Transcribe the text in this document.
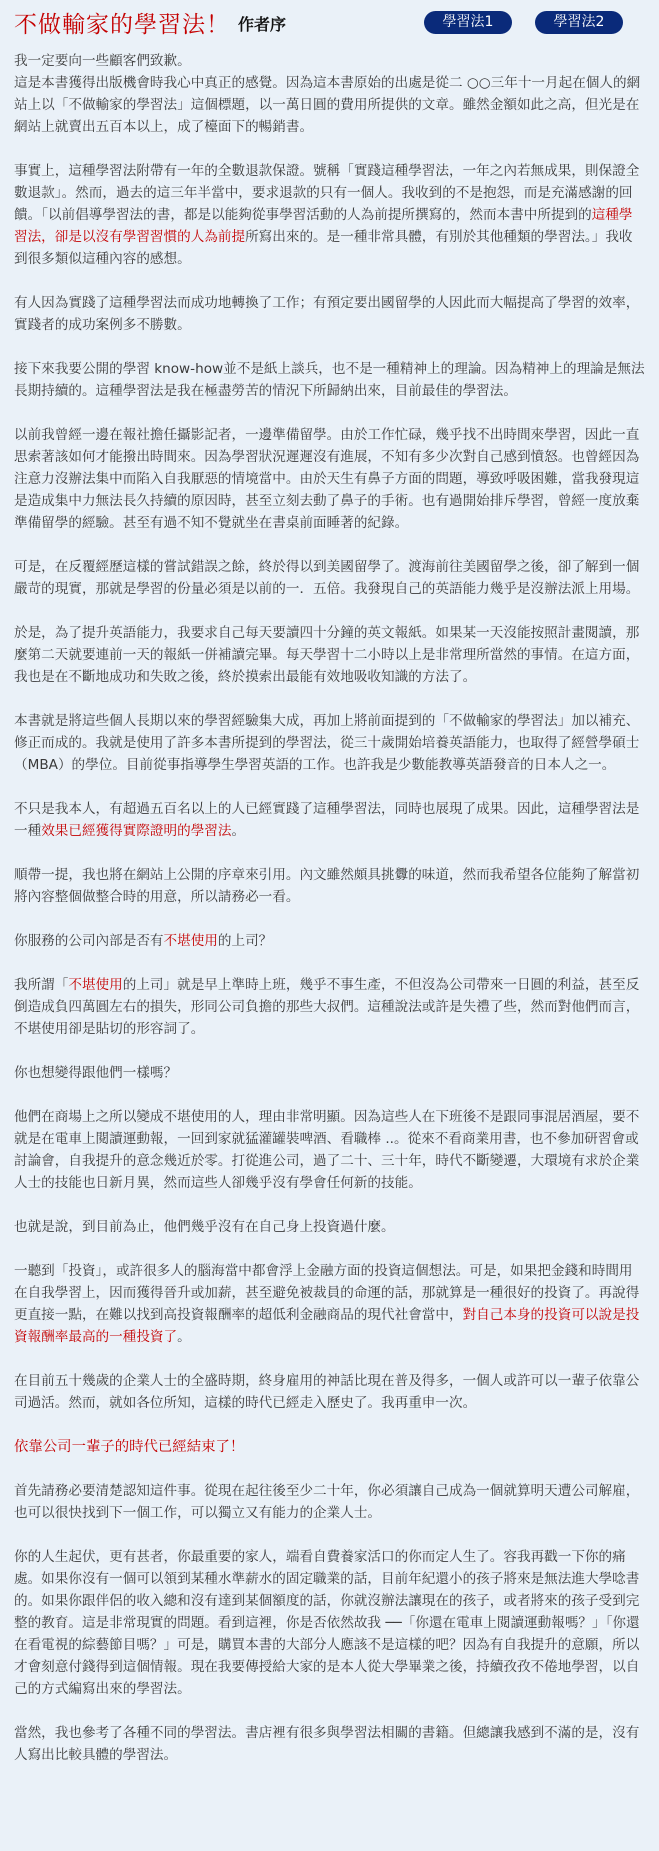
不做輸家的學習法！ 作者序	學習法1	學習法2

我一定要向一些顧客們致歉。
這是本書獲得出版機會時我心中真正的感覺。因為這本書原始的出處是從二 ○○三年十一月起在個人的網站上以「不做輸家的學習法」這個標題，以一萬日圓的費用所提供的文章。雖然金額如此之高，但光是在網站上就賣出五百本以上，成了檯面下的暢銷書。

事實上，這種學習法附帶有一年的全數退款保證。號稱「實踐這種學習法，一年之內若無成果，則保證全數退款」。然而，過去的這三年半當中，要求退款的只有一個人。我收到的不是抱怨，而是充滿感謝的回饋。「以前倡導學習法的書，都是以能夠從事學習活動的人為前提所撰寫的，然而本書中所提到的這種學習法，卻是以沒有學習習慣的人為前提所寫出來的。是一種非常具體，有別於其他種類的學習法。」我收到很多類似這種內容的感想。

有人因為實踐了這種學習法而成功地轉換了工作；有預定要出國留學的人因此而大幅提高了學習的效率，實踐者的成功案例多不勝數。

接下來我要公開的學習 know-how並不是紙上談兵，也不是一種精神上的理論。因為精神上的理論是無法長期持續的。這種學習法是我在極盡勞苦的情況下所歸納出來，目前最佳的學習法。

以前我曾經一邊在報社擔任攝影記者，一邊準備留學。由於工作忙碌，幾乎找不出時間來學習，因此一直思索著該如何才能撥出時間來。因為學習狀況遲遲沒有進展，不知有多少次對自己感到憤怒。也曾經因為注意力沒辦法集中而陷入自我厭惡的情境當中。由於天生有鼻子方面的問題，導致呼吸困難，當我發現這是造成集中力無法長久持續的原因時，甚至立刻去動了鼻子的手術。也有過開始排斥學習，曾經一度放棄準備留學的經驗。甚至有過不知不覺就坐在書桌前面睡著的紀錄。

可是，在反覆經歷這樣的嘗試錯誤之餘，終於得以到美國留學了。渡海前往美國留學之後，卻了解到一個嚴苛的現實，那就是學習的份量必須是以前的一．五倍。我發現自己的英語能力幾乎是沒辦法派上用場。

於是，為了提升英語能力，我要求自己每天要讀四十分鐘的英文報紙。如果某一天沒能按照計畫閱讀，那麼第二天就要連前一天的報紙一併補讀完畢。每天學習十二小時以上是非常理所當然的事情。在這方面，我也是在不斷地成功和失敗之後，終於摸索出最能有效地吸收知識的方法了。

本書就是將這些個人長期以來的學習經驗集大成，再加上將前面提到的「不做輸家的學習法」加以補充、修正而成的。我就是使用了許多本書所提到的學習法，從三十歲開始培養英語能力，也取得了經營學碩士（MBA）的學位。目前從事指導學生學習英語的工作。也許我是少數能教導英語發音的日本人之一。

不只是我本人，有超過五百名以上的人已經實踐了這種學習法，同時也展現了成果。因此，這種學習法是一種效果已經獲得實際證明的學習法。

順帶一提，我也將在網站上公開的序章來引用。內文雖然頗具挑釁的味道，然而我希望各位能夠了解當初將內容整個做整合時的用意，所以請務必一看。

你服務的公司內部是否有不堪使用的上司？

我所謂「不堪使用的上司」就是早上準時上班，幾乎不事生產，不但沒為公司帶來一日圓的利益，甚至反倒造成負四萬圓左右的損失，形同公司負擔的那些大叔們。這種說法或許是失禮了些，然而對他們而言，不堪使用卻是貼切的形容詞了。

你也想變得跟他們一樣嗎？

他們在商場上之所以變成不堪使用的人，理由非常明顯。因為這些人在下班後不是跟同事混居酒屋，要不就是在電車上閱讀運動報，一回到家就猛灌罐裝啤酒、看職棒 ..。從來不看商業用書，也不參加研習會或討論會，自我提升的意念幾近於零。打從進公司，過了二十、三十年，時代不斷變遷，大環境有求於企業人士的技能也日新月異，然而這些人卻幾乎沒有學會任何新的技能。

也就是說，到目前為止，他們幾乎沒有在自己身上投資過什麼。

一聽到「投資」，或許很多人的腦海當中都會浮上金融方面的投資這個想法。可是，如果把金錢和時間用在自我學習上，因而獲得晉升或加薪，甚至避免被裁員的命運的話，那就算是一種很好的投資了。再說得更直接一點，在難以找到高投資報酬率的超低利金融商品的現代社會當中，對自己本身的投資可以說是投資報酬率最高的一種投資了。

在目前五十幾歲的企業人士的全盛時期，終身雇用的神話比現在普及得多，一個人或許可以一輩子依靠公司過活。然而，就如各位所知，這樣的時代已經走入歷史了。我再重申一次。

依靠公司一輩子的時代已經結束了！

首先請務必要清楚認知這件事。從現在起往後至少二十年，你必須讓自己成為一個就算明天遭公司解雇，也可以很快找到下一個工作，可以獨立又有能力的企業人士。

你的人生起伏，更有甚者，你最重要的家人，端看自費養家活口的你而定人生了。容我再戳一下你的痛處。如果你沒有一個可以領到某種水準薪水的固定職業的話，目前年紀還小的孩子將來是無法進大學唸書的。如果你跟伴侶的收入總和沒有達到某個額度的話，你就沒辦法讓現在的孩子，或者將來的孩子受到完整的教育。這是非常現實的問題。看到這裡，你是否依然故我 ──「你還在電車上閱讀運動報嗎？」「你還在看電視的綜藝節目嗎？」可是，購買本書的大部分人應該不是這樣的吧？因為有自我提升的意願，所以才會刻意付錢得到這個情報。現在我要傳授給大家的是本人從大學畢業之後，持續孜孜不倦地學習，以自己的方式編寫出來的學習法。

當然，我也參考了各種不同的學習法。書店裡有很多與學習法相關的書籍。但總讓我感到不滿的是，沒有人寫出比較具體的學習法。
